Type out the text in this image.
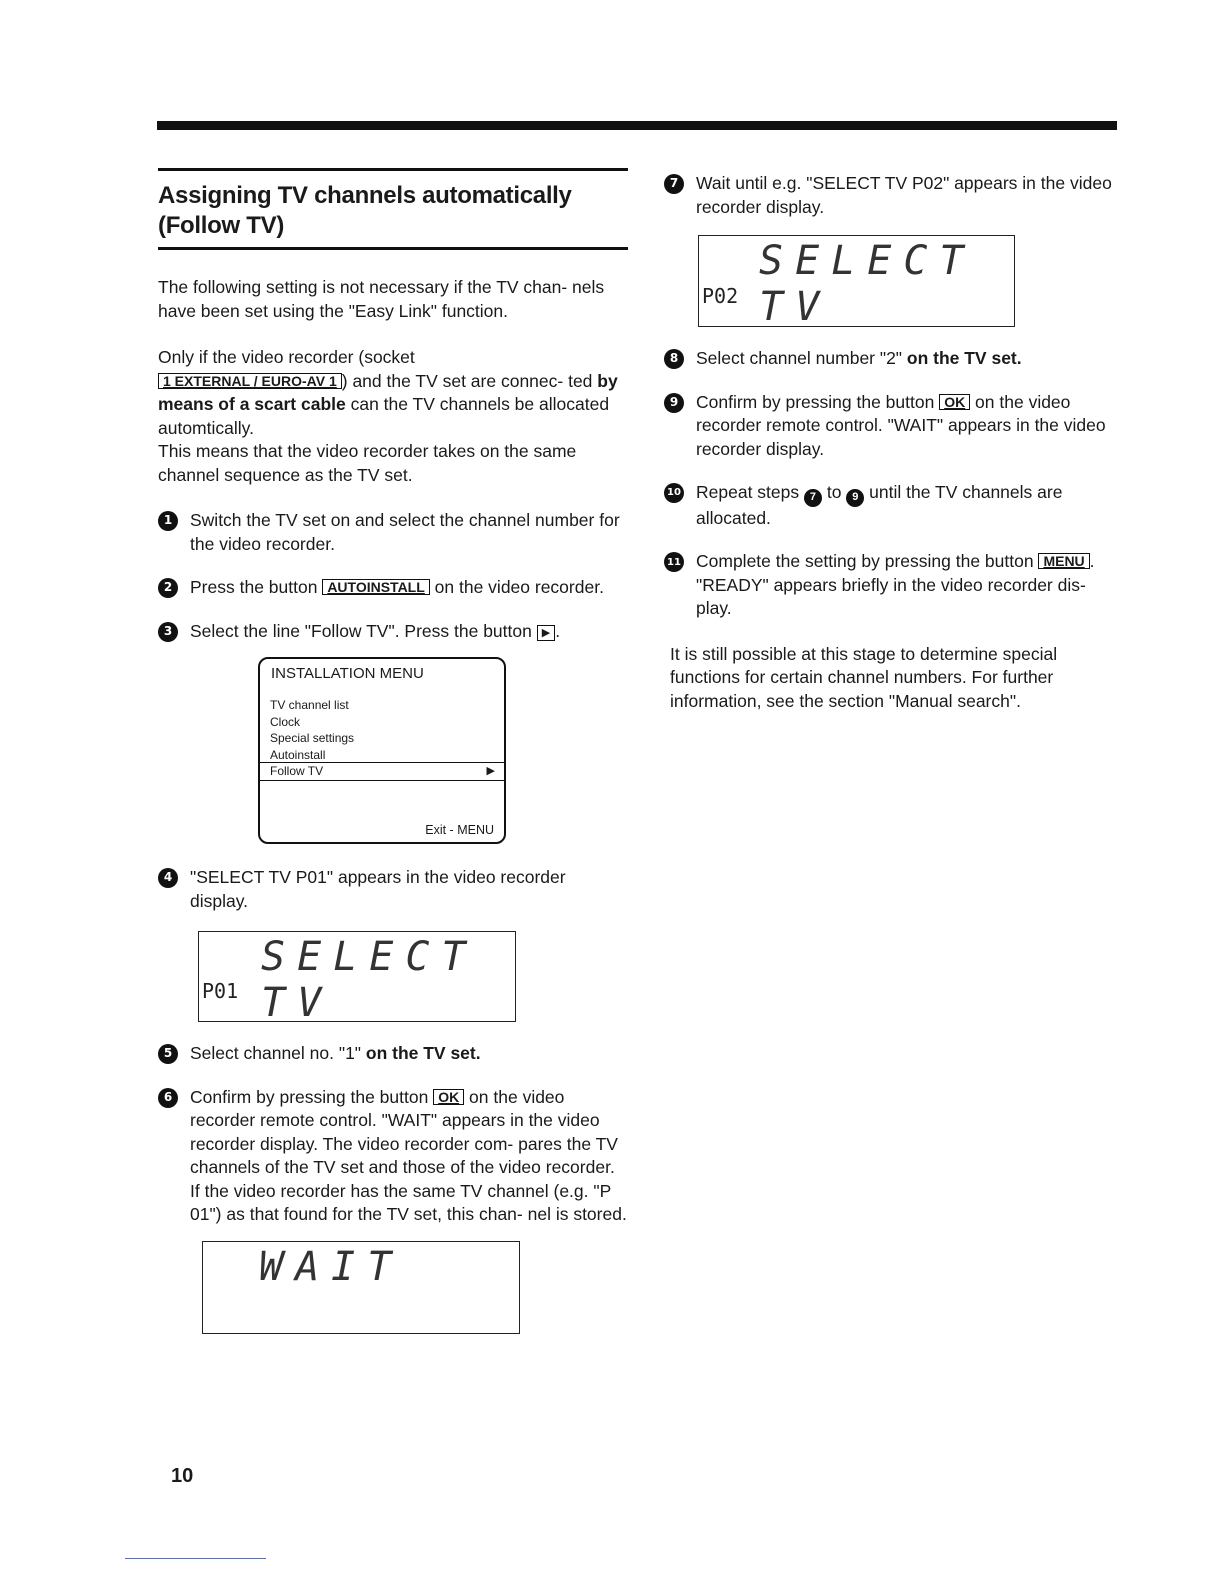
Assigning TV channels automatically (Follow TV)

The following setting is not necessary if the TV chan- nels have been set using the "Easy Link" function.

Only if the video recorder (socket
1 EXTERNAL / EURO-AV 1 ) and the TV set are connec- ted by means of a scart cable can the TV channels be allocated automtically.

This means that the video recorder takes on the same channel sequence as the TV set.

1	Switch the TV set on and select the channel number for the video recorder.
2	Press the button AUTOINSTALL on the video recorder.
3	Select the line "Follow TV". Press the button ▶ .
INSTALLATION MENU
TV channel list
Clock
Special settings
Autoinstall
Follow TV	▶
Exit - MENU
4	"SELECT TV P01" appears in the video recorder display.
SELECT TV
P01
5	Select channel no. "1" on the TV set.
6	Confirm by pressing the button OK on the video recorder remote control. "WAIT" appears in the video recorder display. The video recorder com- pares the TV channels of the TV set and those of the video recorder.
If the video recorder has the same TV channel (e.g. "P 01") as that found for the TV set, this chan- nel is stored.
WAIT
7	Wait until e.g. "SELECT TV P02" appears in the video recorder display.
SELECT TV
P02
8	Select channel number "2" on the TV set.
9	Confirm by pressing the button OK on the video recorder remote control. "WAIT" appears in the video recorder display.
10 Repeat steps 7 to 9 until the TV channels are allocated.
11 Complete the setting by pressing the button MENU .
"READY" appears briefly in the video recorder dis- play.

It is still possible at this stage to determine special functions for certain channel numbers. For further information, see the section "Manual search".

10
